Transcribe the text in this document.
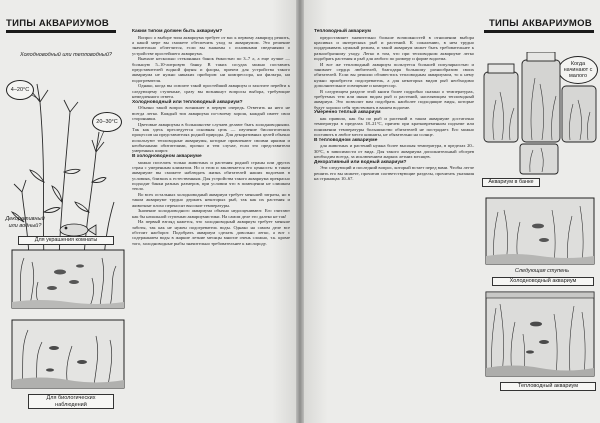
ТИПЫ АКВАРИУМОВ
Холодноводный или тепловодный?
4–20°С
20–30°С
Декоративный или водный?
Для украшения комнаты
Для биологических наблюдений

Каким типом должен быть аквариум?

Вопрос о выборе типа аквариума требует от вас к первому аквариуд решить, а какой мере вы сможете обеспечить уход за аквариумом. Это решение значительно облегчится, если вы знакомы с основными сведениями о устройстве простейшего аквариума.

Вначале несколько стеклянных банок ёмкостью по 3–7 л, а еще лучше — большую 5–10-литровую банку. В таких сосудах можно поставить представителей водной фауны и флоры, причем для устройства такого аквариума не нужно никаких приборов: ни компрессора, ни фильтра, ни подогревателя.

Однако, когда вы освоите такой простейший аквариум и захотите перейти к следующему ступеньке, сразу вы возникнут вопросы выбора, требующие немедленного ответа.

Холодноводный или тепловодный аквариум?

Обычно такой вопрос возникает в первую очередь. Ответить на него не всегда легко. Каждый тип аквариума по-своему хорош, каждый имеет свои сторонники.

Цветовые аквариумы в большинстве случаев делают быть холодноводными. Так как здесь преследуется основная цель — изучение биологических процессов на представителях родной природы. Для декоративных целей обычно используют тепловодные аквариумы, которые привлекают своими яркими и необычными обитателями, прочно и тем случае, если это представители умеренных широт.

В холодноводном аквариуме

можно поселить только животных и растения родной страны или других стран с умеренным климатом. Но и этом и заключается его ценность: в таком аквариуме вы сможете наблюдать жизнь обитателей наших водоемов в условиях, близких к естественным. Для устройства такого аквариума прекрасно подходят банки разных размеров, при условии что в помещении не слишком тепло.

Во всех остальных холодноводный аквариум требует меньшей затраты, но в таком аквариуме трудно держать некоторых рыб, так как их растения и животные плохо переносят высокие температуры.

Значение холодноводного аквариума обычно недооценивают. Его считают как бы начальной ступенью аквариумистики. На самом деле это далеко не так!

На первый взгляд кажется, что холодноводный аквариум требует меньше заботы, так как не нужен подогреватель воды. Однако на самом деле все обстоит наоборот. Подобрать аквариум сделать довольно легко, а вот с содержанием воды в жаркие летние месяцы многие очень сложно, т.к. кроме того, холодноводные рыбы значительно требовательнее к кислороду.

ТИПЫ АКВАРИУМОВ

Тепловодный аквариум

предоставляет значительно больше возможностей в отношении выбора красивых и интересных рыб и растений. К сожалению, в нем трудно поддерживать нужный режим, и такой аквариум может быть требовательнее к разнообразному уходу. Легко в том, что при тепловодном аквариуме легко подобрать растения и рыб для любого по размеру и форме водоема.

И все же тепловодный аквариум пользуется большей популярностью и занимает сердца любителей, благодаря большому разнообразию своих обитателей. Если вы решили обзавестись тепловодным аквариумом, то к нему нужно приобрести подогреватель, а для некоторых видов рыб необходимо дополнительное освещение и компрессор.

В следующем разделе этой книги более подробно сказано о температурах, требуемых тем или иным видам рыб и растений, населяющим тепловодный аквариум. Это позволит вам подобрать наиболее подходящие виды, которые будут хорошо себя чувствовать в вашем водоеме.

Умеренно теплый аквариум

как правило, как бы по рыб и растений в таком аквариуме достаточно температура в пределах 18–21°С, причем при кратковременном подъеме или понижении температуры большинство обитателей не пострадает. Его можно поставить в любое место комнаты, не обязательно на солнце.

В тепловодном аквариуме

для животных и растений нужна более высокая температура, в пределах 20–30°С, в зависимости от вида. Для такого аквариума дополнительный обогрев необходим всегда, за исключением жарких летних месяцев.

Декоративный или водный аквариум?

Эти следующий и последний вопрос, который встает перед вами. Чтобы легче решить его вы можете, прочитав соответствующие разделы, прочитать указания на страницах 10–67.

Когда начинают с малого
Аквариум в банке
Следующая ступень
Холодноводный аквариум
Тепловодный аквариум
